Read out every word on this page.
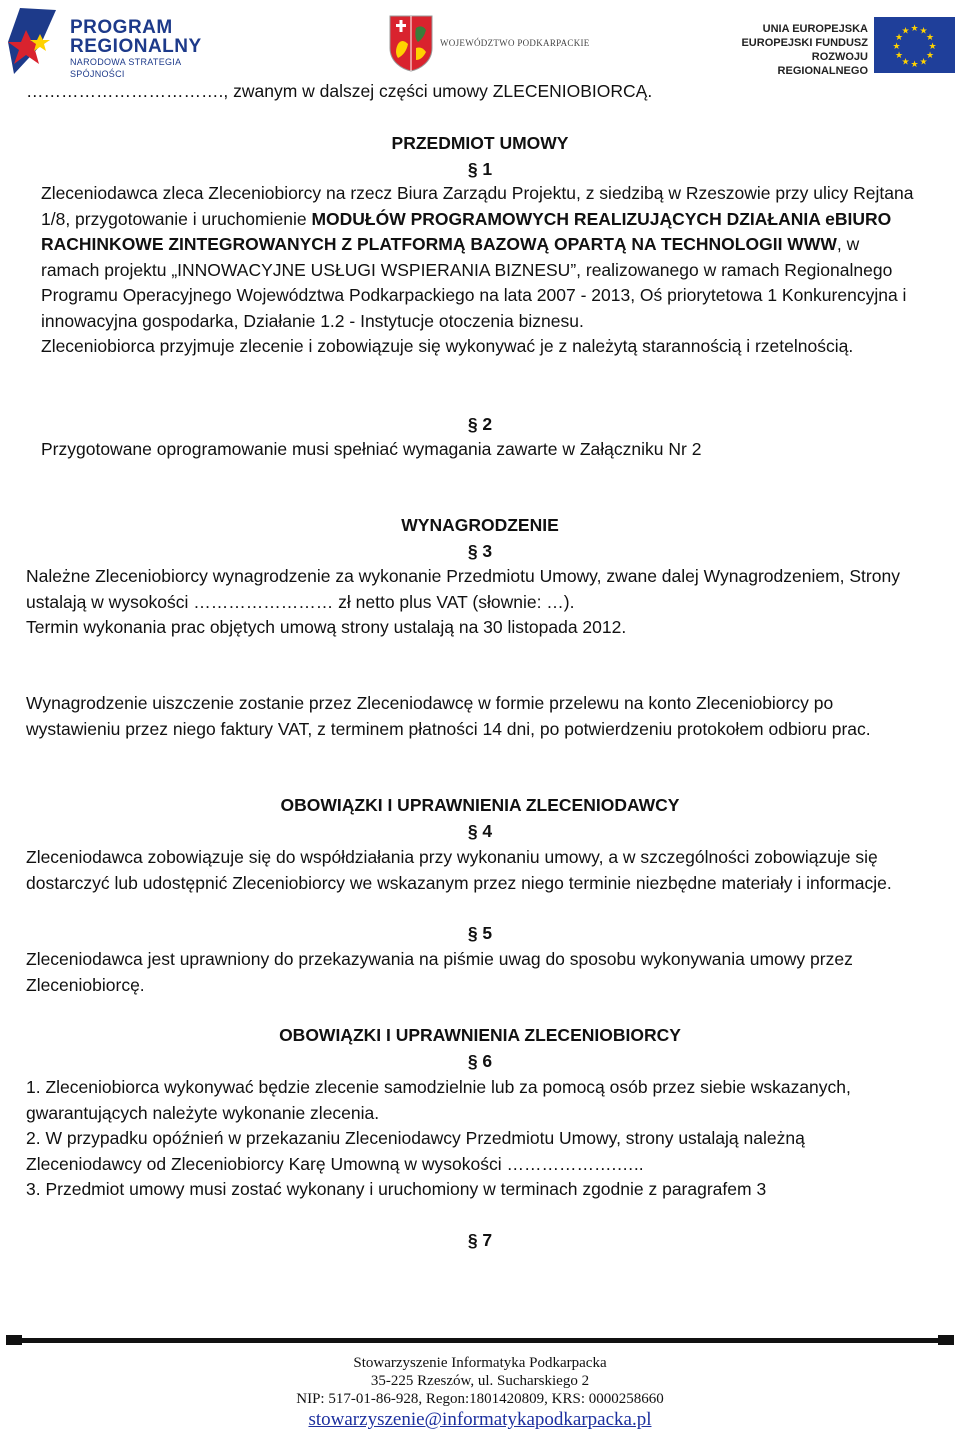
PROGRAM
REGIONALNY
NARODOWA STRATEGIA SPÓJNOŚCI
WOJEWÓDZTWO PODKARPACKIE
UNIA EUROPEJSKA
EUROPEJSKI FUNDUSZ
ROZWOJU REGIONALNEGO
★ ★
★
★
★
★
★
★
★
★
★
★
……………………………., zwanym w dalszej części umowy ZLECENIOBIORCĄ.
PRZEDMIOT UMOWY
§ 1
Zleceniodawca zleca Zleceniobiorcy na rzecz Biura Zarządu Projektu, z siedzibą w Rzeszowie przy ulicy Rejtana
1/8, przygotowanie i uruchomienie MODUŁÓW PROGRAMOWYCH REALIZUJĄCYCH DZIAŁANIA eBIURO
RACHINKOWE ZINTEGROWANYCH Z PLATFORMĄ BAZOWĄ OPARTĄ NA TECHNOLOGII WWW, w
ramach projektu „INNOWACYJNE USŁUGI WSPIERANIA BIZNESU”, realizowanego w ramach Regionalnego
Programu Operacyjnego Województwa Podkarpackiego na lata 2007 - 2013, Oś priorytetowa 1 Konkurencyjna i
innowacyjna gospodarka, Działanie 1.2 - Instytucje otoczenia biznesu.
Zleceniobiorca przyjmuje zlecenie i zobowiązuje się wykonywać je z należytą starannością i rzetelnością.
§ 2
Przygotowane oprogramowanie musi spełniać wymagania zawarte w Załączniku Nr 2
WYNAGRODZENIE
§ 3
Należne Zleceniobiorcy wynagrodzenie za wykonanie Przedmiotu Umowy, zwane dalej Wynagrodzeniem, Strony
ustalają w wysokości …………………… zł netto plus VAT (słownie: …).
Termin wykonania prac objętych umową strony ustalają na 30 listopada 2012.
Wynagrodzenie uiszczenie zostanie przez Zleceniodawcę w formie przelewu na konto Zleceniobiorcy po
wystawieniu przez niego faktury VAT, z terminem płatności 14 dni, po potwierdzeniu protokołem odbioru prac.
OBOWIĄZKI I UPRAWNIENIA ZLECENIODAWCY
§ 4
Zleceniodawca zobowiązuje się do współdziałania przy wykonaniu umowy, a w szczególności zobowiązuje się
dostarczyć lub udostępnić Zleceniobiorcy we wskazanym przez niego terminie niezbędne materiały i informacje.
§ 5
Zleceniodawca jest uprawniony do przekazywania na piśmie uwag do sposobu wykonywania umowy przez
Zleceniobiorcę.
OBOWIĄZKI I UPRAWNIENIA ZLECENIOBIORCY
§ 6
1. Zleceniobiorca wykonywać będzie zlecenie samodzielnie lub za pomocą osób przez siebie wskazanych,
gwarantujących należyte wykonanie zlecenia.
2. W przypadku opóźnień w przekazaniu Zleceniodawcy Przedmiotu Umowy, strony ustalają należną
Zleceniodawcy od Zleceniobiorcy Karę Umowną w wysokości ……………….…..
3. Przedmiot umowy musi zostać wykonany i uruchomiony w terminach zgodnie z paragrafem 3
§ 7
Stowarzyszenie Informatyka Podkarpacka
35-225 Rzeszów, ul. Sucharskiego 2
NIP: 517-01-86-928, Regon:1801420809, KRS: 0000258660
stowarzyszenie@informatykapodkarpacka.pl
